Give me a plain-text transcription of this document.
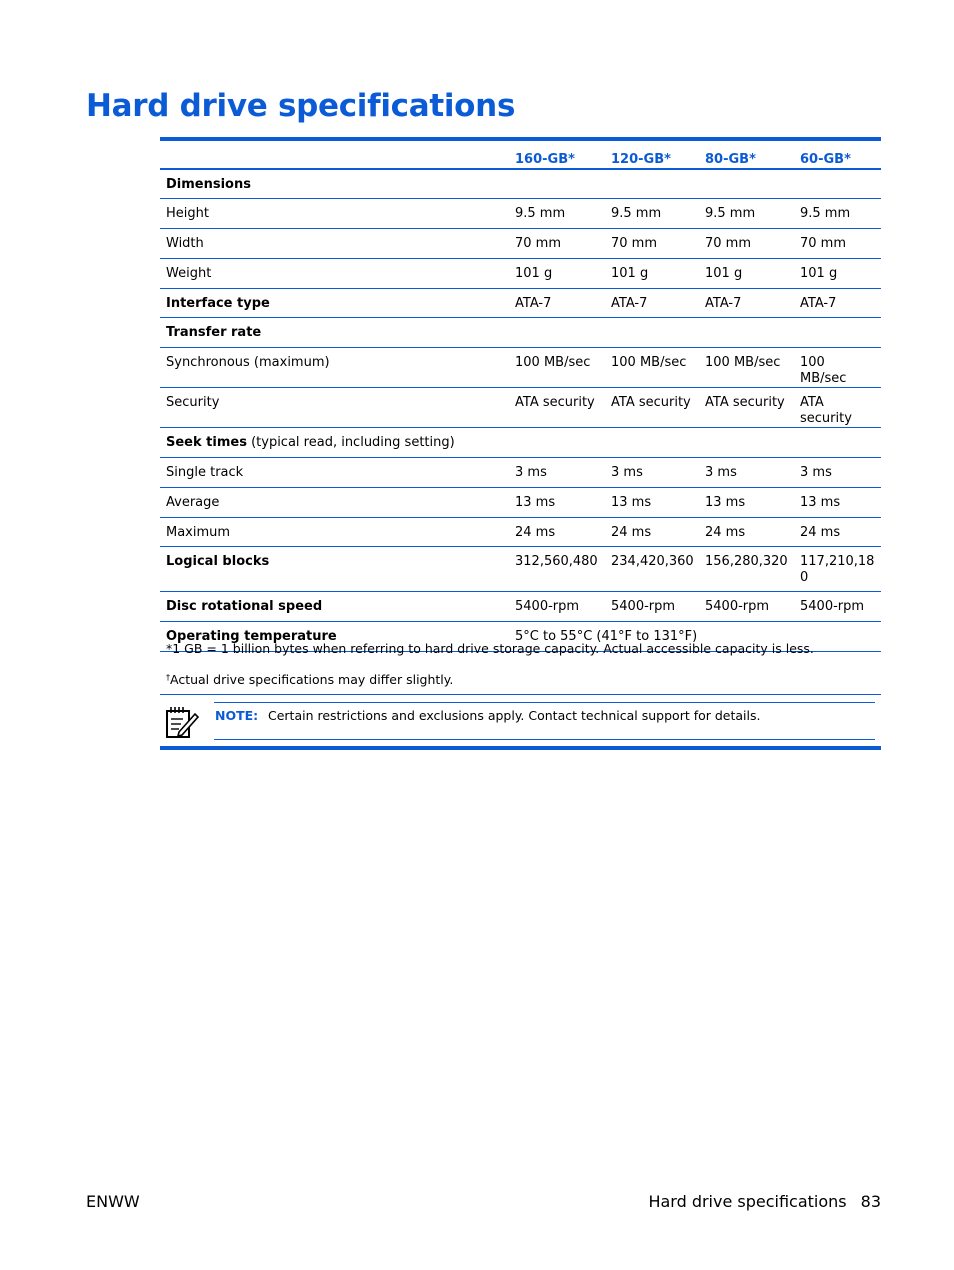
Hard drive specifications
	160-GB*	120-GB*	80-GB*	60-GB*
Dimensions				
Height	9.5 mm	9.5 mm	9.5 mm	9.5 mm
Width	70 mm	70 mm	70 mm	70 mm
Weight	101 g	101 g	101 g	101 g
Interface type	ATA-7	ATA-7	ATA-7	ATA-7
Transfer rate				
Synchronous (maximum)	100 MB/sec	100 MB/sec	100 MB/sec	100 MB/sec
Security	ATA security	ATA security	ATA security	ATA security
Seek times (typical read, including setting)				
Single track	3 ms	3 ms	3 ms	3 ms
Average	13 ms	13 ms	13 ms	13 ms
Maximum	24 ms	24 ms	24 ms	24 ms
Logical blocks	312,560,480	234,420,360	156,280,320	117,210,18
0
Disc rotational speed	5400-rpm	5400-rpm	5400-rpm	5400-rpm
Operating temperature	5°C to 55°C (41°F to 131°F)			
*1 GB = 1 billion bytes when referring to hard drive storage capacity. Actual accessible capacity is less.
†Actual drive specifications may differ slightly.
NOTE: Certain restrictions and exclusions apply. Contact technical support for details.
ENWW	Hard drive specifications 83
